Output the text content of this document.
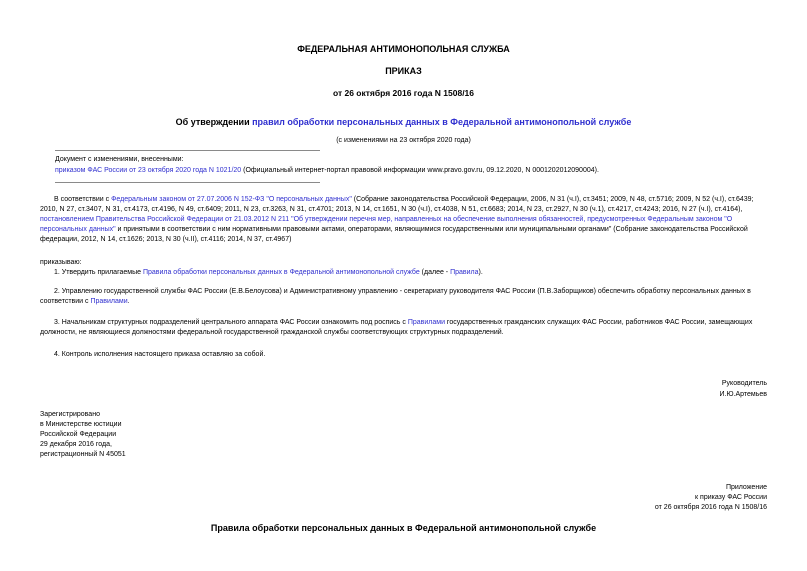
ФЕДЕРАЛЬНАЯ АНТИМОНОПОЛЬНАЯ СЛУЖБА
ПРИКАЗ
от 26 октября 2016 года N 1508/16
Об утверждении правил обработки персональных данных в Федеральной антимонопольной службе
(с изменениями на 23 октября 2020 года)
Документ с изменениями, внесенными:
приказом ФАС России от 23 октября 2020 года N 1021/20 (Официальный интернет-портал правовой информации www.pravo.gov.ru, 09.12.2020, N 0001202012090004).
В соответствии с Федеральным законом от 27.07.2006 N 152-ФЗ "О персональных данных" (Собрание законодательства Российской Федерации, 2006, N 31 (ч.I), ст.3451; 2009, N 48, ст.5716; 2009, N 52 (ч.I), ст.6439; 2010, N 27, ст.3407, N 31, ст.4173, ст.4196, N 49, ст.6409; 2011, N 23, ст.3263, N 31, ст.4701; 2013, N 14, ст.1651, N 30 (ч.I), ст.4038, N 51, ст.6683; 2014, N 23, ст.2927, N 30 (ч.1), ст.4217, ст.4243; 2016, N 27 (ч.I), ст.4164), постановлением Правительства Российской Федерации от 21.03.2012 N 211 "Об утверждении перечня мер, направленных на обеспечение выполнения обязанностей, предусмотренных Федеральным законом "О персональных данных" и принятыми в соответствии с ним нормативными правовыми актами, операторами, являющимися государственными или муниципальными органами" (Собрание законодательства Российской федерации, 2012, N 14, ст.1626; 2013, N 30 (ч.II), ст.4116; 2014, N 37, ст.4967)
приказываю:
1. Утвердить прилагаемые Правила обработки персональных данных в Федеральной антимонопольной службе (далее - Правила).
2. Управлению государственной службы ФАС России (Е.В.Белоусова) и Административному управлению - секретариату руководителя ФАС России (П.В.Заборщиков) обеспечить обработку персональных данных в соответствии с Правилами.
3. Начальникам структурных подразделений центрального аппарата ФАС России ознакомить под роспись с Правилами государственных гражданских служащих ФАС России, работников ФАС России, замещающих должности, не являющиеся должностями федеральной государственной гражданской службы соответствующих структурных подразделений.
4. Контроль исполнения настоящего приказа оставляю за собой.
Руководитель
И.Ю.Артемьев

Зарегистрировано

в Министерстве юстиции

Российской Федерации

29 декабря 2016 года,

регистрационный N 45051

Приложение

к приказу ФАС России

от 26 октября 2016 года N 1508/16

Правила обработки персональных данных в Федеральной антимонопольной службе
